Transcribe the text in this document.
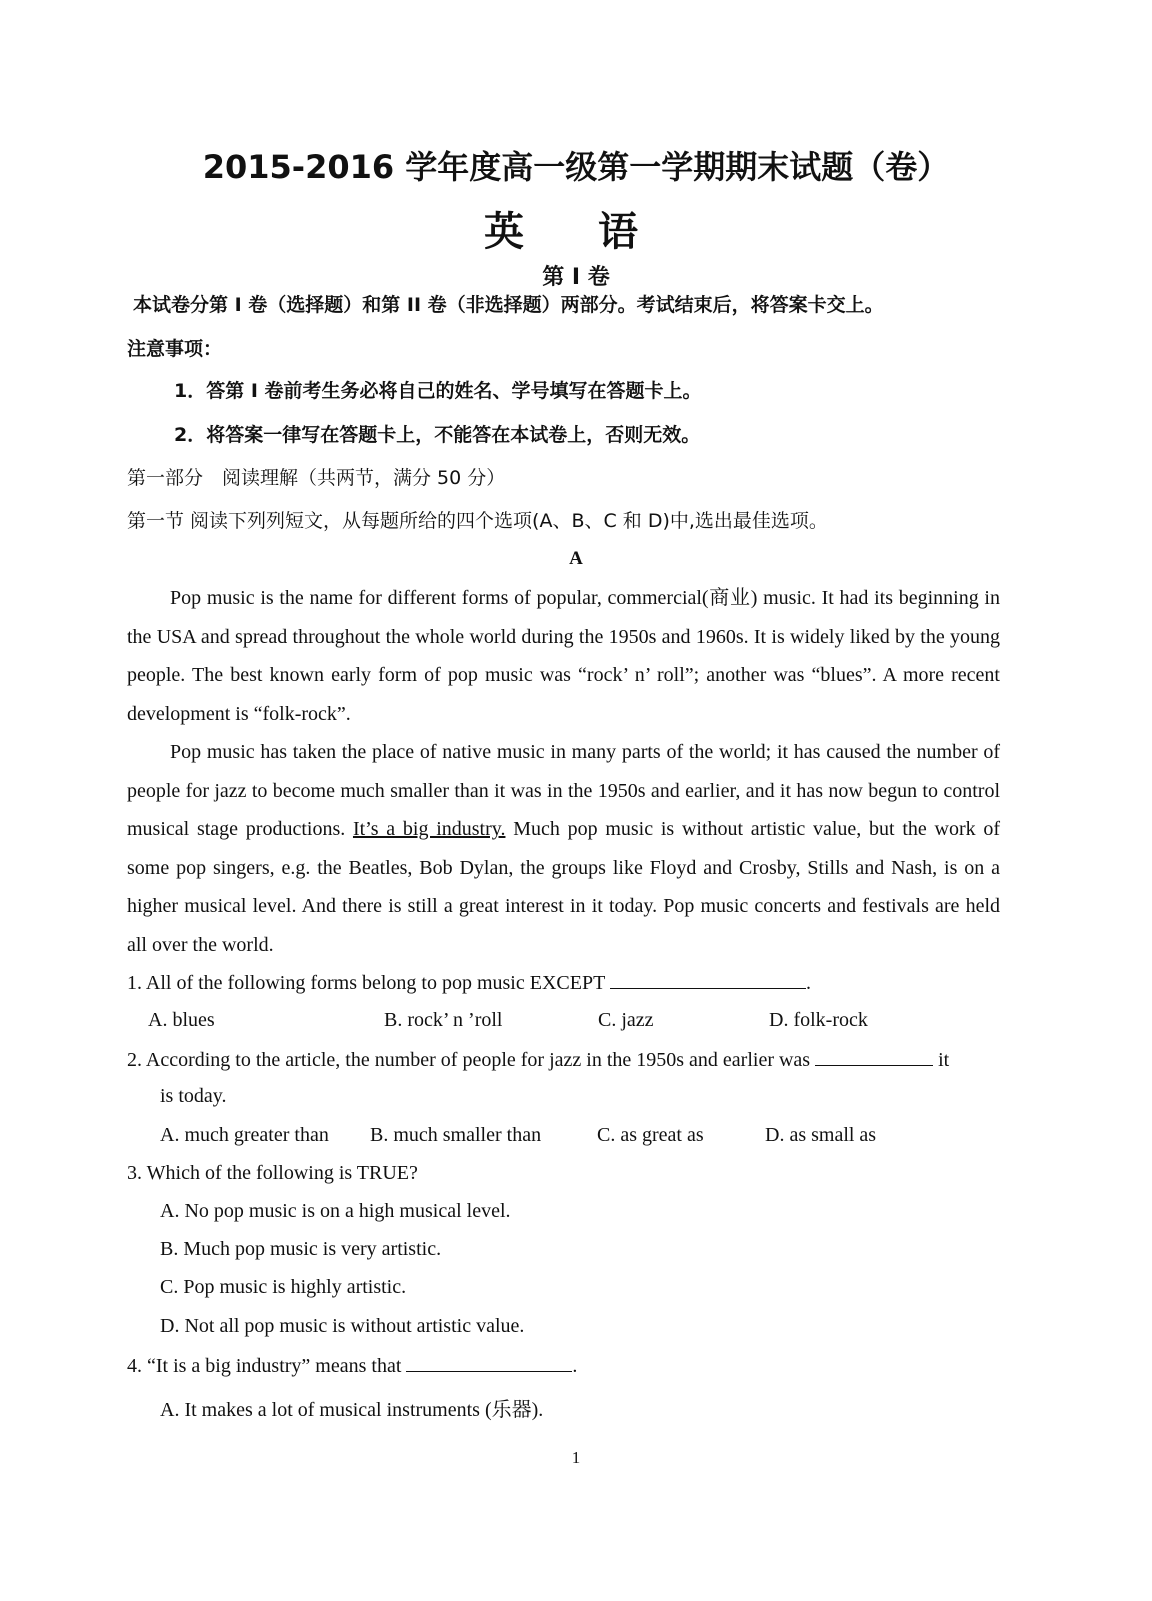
2015-2016 学年度高一级第一学期期末试题（卷）
英 语
第 I 卷
本试卷分第 I 卷（选择题）和第 II 卷（非选择题）两部分。考试结束后，将答案卡交上。
注意事项：
1．答第 I 卷前考生务必将自己的姓名、学号填写在答题卡上。
2．将答案一律写在答题卡上，不能答在本试卷上，否则无效。
第一部分　阅读理解（共两节，满分 50 分）
第一节 阅读下列列短文，从每题所给的四个选项(A、B、C 和 D)中,选出最佳选项。
A

Pop music is the name for different forms of popular, commercial(商业) music. It had its beginning in the USA and spread throughout the whole world during the 1950s and 1960s. It is widely liked by the young people. The best known early form of pop music was “rock’ n’ roll”; another was “blues”. A more recent development is “folk-rock”.

Pop music has taken the place of native music in many parts of the world; it has caused the number of people for jazz to become much smaller than it was in the 1950s and earlier, and it has now begun to control musical stage productions. It’s a big industry. Much pop music is without artistic value, but the work of some pop singers, e.g. the Beatles, Bob Dylan, the groups like Floyd and Crosby, Stills and Nash, is on a higher musical level. And there is still a great interest in it today. Pop music concerts and festivals are held all over the world.

1. All of the following forms belong to pop music EXCEPT	.
A. blues	B. rock’ n ’roll	C. jazz	D. folk-rock
2. According to the article, the number of people for jazz in the 1950s and earlier was	it
is today.
A. much greater than B. much smaller than	C. as great as	D. as small as
3. Which of the following is TRUE?
A. No pop music is on a high musical level.
B. Much pop music is very artistic.
C. Pop music is highly artistic.
D. Not all pop music is without artistic value.
4. “It is a big industry” means that	.
A. It makes a lot of musical instruments (乐器).
1
